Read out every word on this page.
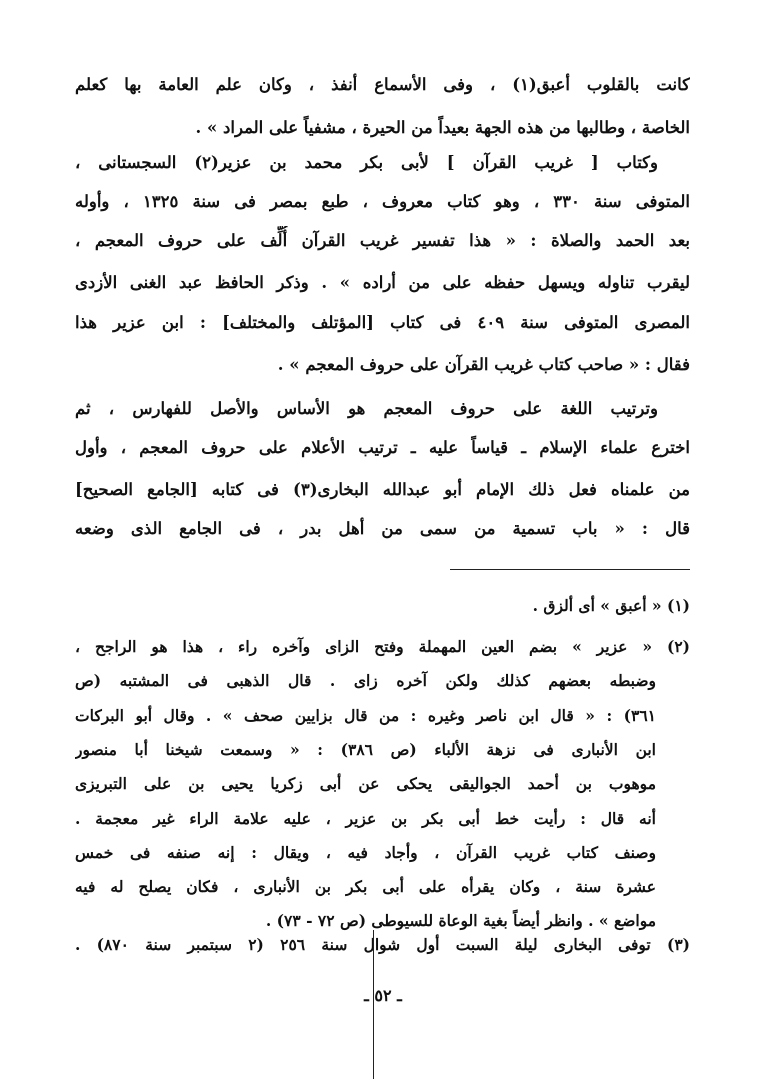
كانت بالقلوب أعبق(١) ، وفى الأسماع أنفذ ، وكان علم العامة بها كعلم
الخاصة ، وطالبها من هذه الجهة بعيداً من الحيرة ، مشفياً على المراد » .
وكتاب [ غريب القرآن ] لأبى بكر محمد بن عزير(٢) السجستانى ،
المتوفى سنة ٣٣٠ ، وهو كتاب معروف ، طبع بمصر فى سنة ١٣٢٥ ، وأوله
بعد الحمد والصلاة : « هذا تفسير غريب القرآن أُلِّف على حروف المعجم ،
ليقرب تناوله ويسهل حفظه على من أراده » . وذكر الحافظ عبد الغنى الأزدى
المصرى المتوفى سنة ٤٠٩ فى كتاب [المؤتلف والمختلف] : ابن عزير هذا
فقال : « صاحب كتاب غريب القرآن على حروف المعجم » .
وترتيب اللغة على حروف المعجم هو الأساس والأصل للفهارس ، ثم
اخترع علماء الإسلام ـ قياساً عليه ـ ترتيب الأعلام على حروف المعجم ، وأول
من علمناه فعل ذلك الإمام أبو عبدالله البخارى(٣) فى كتابه [الجامع الصحيح]
قال : « باب تسمية من سمى من أهل بدر ، فى الجامع الذى وضعه
(١) « أعبق » أى ألزق .
(٢) « عزير » بضم العين المهملة وفتح الزاى وآخره راء ، هذا هو الراجح ،
وضبطه بعضهم كذلك ولكن آخره زاى . قال الذهبى فى المشتبه (ص
٣٦١) : « قال ابن ناصر وغيره : من قال بزايين صحف » . وقال أبو البركات
ابن الأنبارى فى نزهة الألباء (ص ٣٨٦) : « وسمعت شيخنا أبا منصور
موهوب بن أحمد الجواليقى يحكى عن أبى زكريا يحيى بن على التبريزى
أنه قال : رأيت خط أبى بكر بن عزير ، عليه علامة الراء غير معجمة .
وصنف كتاب غريب القرآن ، وأجاد فيه ، ويقال : إنه صنفه فى خمس
عشرة سنة ، وكان يقرأه على أبى بكر بن الأنبارى ، فكان يصلح له فيه
مواضع » . وانظر أيضاً بغية الوعاة للسيوطى (ص ٧٢ - ٧٣) .
(٣) توفى البخارى ليلة السبت أول شوال سنة ٢٥٦ (٢ سبتمبر سنة ٨٧٠) .
ـ ٥٢ ـ
